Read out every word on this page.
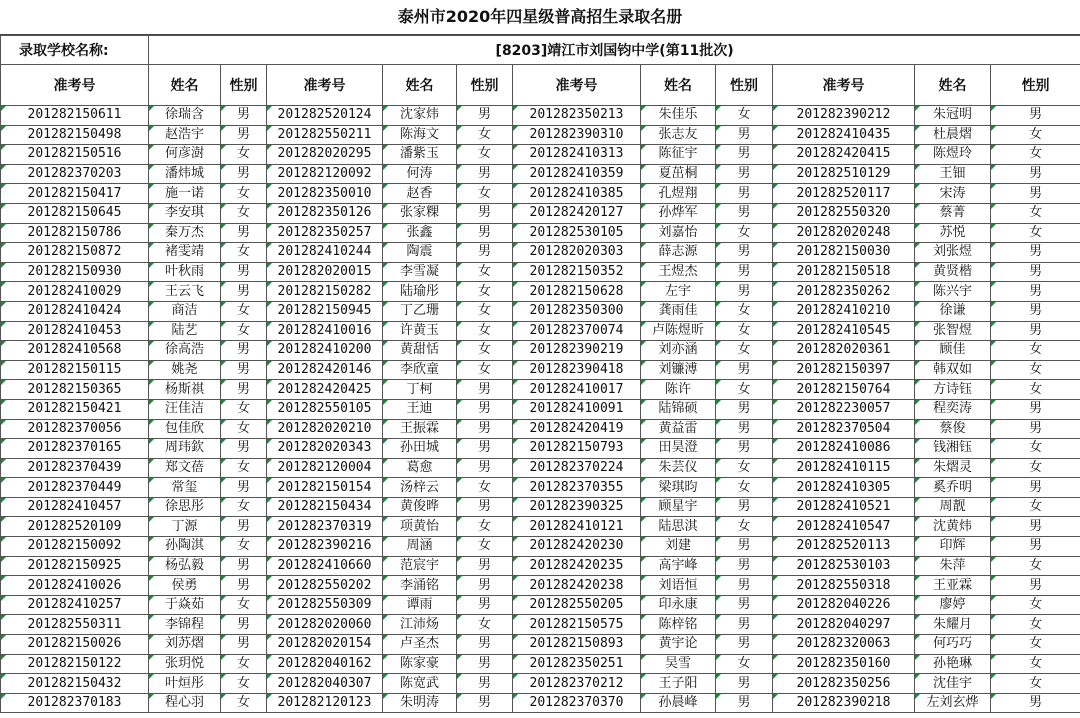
泰州市2020年四星级普高招生录取名册
录取学校名称:	[8203]靖江市刘国钧中学(第11批次)										
准考号	姓名	性别	准考号	姓名	性别	准考号	姓名	性别	准考号	姓名	性别
201282150611	徐瑞含	男	201282520124	沈家炜	男	201282350213	朱佳乐	女	201282390212	朱冠明	男
201282150498	赵浩宇	男	201282550211	陈海文	女	201282390310	张志友	男	201282410435	杜晨熠	女
201282150516	何彦澍	女	201282020295	潘紫玉	女	201282410313	陈征宇	男	201282420415	陈煜玲	女
201282370203	潘炜城	男	201282120092	何涛	男	201282410359	夏茁桐	男	201282510129	王钿	男
201282150417	施一诺	女	201282350010	赵香	女	201282410385	孔煜翔	男	201282520117	宋涛	男
201282150645	李安琪	女	201282350126	张家粿	男	201282420127	孙烨军	男	201282550320	蔡菁	女
201282150786	秦万杰	男	201282350257	张鑫	男	201282530105	刘嘉怡	女	201282020248	苏悦	女
201282150872	褚雯靖	女	201282410244	陶震	男	201282020303	薛志源	男	201282150030	刘张煜	男
201282150930	叶秋雨	男	201282020015	李雪凝	女	201282150352	王煜杰	男	201282150518	黄贤楷	男
201282410029	王云飞	男	201282150282	陆瑜彤	女	201282150628	左宇	男	201282350262	陈兴宇	男
201282410424	商洁	女	201282150945	丁乙珊	女	201282350300	龚雨佳	女	201282410210	徐谦	男
201282410453	陆艺	女	201282410016	许黄玉	女	201282370074	卢陈煜昕	女	201282410545	张智煜	男
201282410568	徐高浩	男	201282410200	黄甜恬	女	201282390219	刘亦涵	女	201282020361	顾佳	女
201282150115	姚尧	男	201282420146	李欣童	女	201282390418	刘镰溥	男	201282150397	韩双如	女
201282150365	杨斯祺	男	201282420425	丁柯	男	201282410017	陈许	女	201282150764	方诗钰	女
201282150421	汪佳洁	女	201282550105	王迪	男	201282410091	陆锦硕	男	201282230057	程奕涛	男
201282370056	包佳欣	女	201282020210	王振霖	男	201282420419	黄益雷	男	201282370504	蔡俊	男
201282370165	周玮欽	男	201282020343	孙田城	男	201282150793	田昊澄	男	201282410086	钱湘钰	女
201282370439	郑文蓓	女	201282120004	葛愈	男	201282370224	朱芸仪	女	201282410115	朱熠灵	女
201282370449	常玺	男	201282150154	汤梓云	女	201282370355	梁琪昀	女	201282410305	奚乔明	男
201282410457	徐思彤	女	201282150434	黄俊晔	男	201282390325	顾星宇	男	201282410521	周靓	女
201282520109	丁源	男	201282370319	项黄怡	女	201282410121	陆思淇	女	201282410547	沈黄炜	男
201282150092	孙陶淇	女	201282390216	周涵	女	201282420230	刘建	男	201282520113	印辉	男
201282150925	杨弘毅	男	201282410660	范宸宇	男	201282420235	高宇峰	男	201282530103	朱萍	女
201282410026	侯勇	男	201282550202	李涌铭	男	201282420238	刘语恒	男	201282550318	王亚霖	男
201282410257	于焱茹	女	201282550309	谭雨	男	201282550205	印永康	男	201282040226	廖婷	女
201282550311	李锦程	男	201282020060	江沛炀	女	201282150575	陈梓铭	男	201282040297	朱耀月	女
201282150026	刘苏熠	男	201282020154	卢圣杰	男	201282150893	黄宇论	男	201282320063	何巧巧	女
201282150122	张玥悦	女	201282040162	陈家豪	男	201282350251	吴雪	女	201282350160	孙艳琳	女
201282150432	叶烜彤	女	201282040307	陈宽武	男	201282370212	王子阳	男	201282350256	沈佳宇	女
201282370183	程心羽	女	201282120123	朱明涛	男	201282370370	孙晨峰	男	201282390218	左刘玄烨	男
